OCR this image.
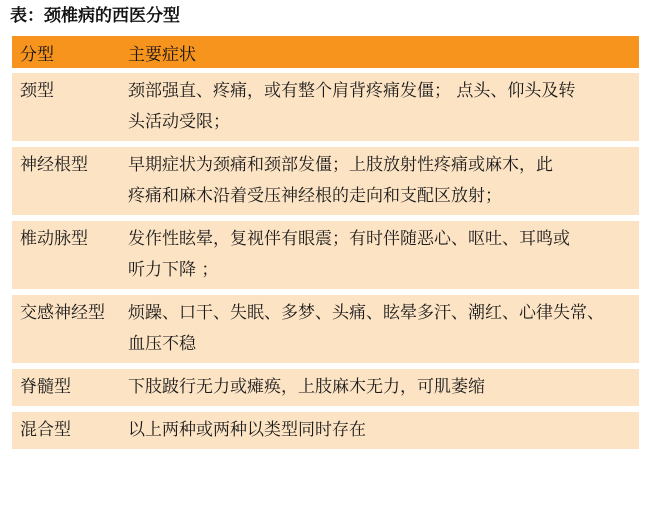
表：颈椎病的西医分型
分型	主要症状
颈型	颈部强直、疼痛，或有整个肩背疼痛发僵； 点头、仰头及转
头活动受限；
神经根型	早期症状为颈痛和颈部发僵；上肢放射性疼痛或麻木，此
疼痛和麻木沿着受压神经根的走向和支配区放射；
椎动脉型	发作性眩晕，复视伴有眼震；有时伴随恶心、呕吐、耳鸣或
听力下降 ；
交感神经型	烦躁、口干、失眠、多梦、头痛、眩晕多汗、潮红、心律失常、
血压不稳
脊髓型	下肢跛行无力或瘫痪，上肢麻木无力，可肌萎缩
混合型	以上两种或两种以类型同时存在
